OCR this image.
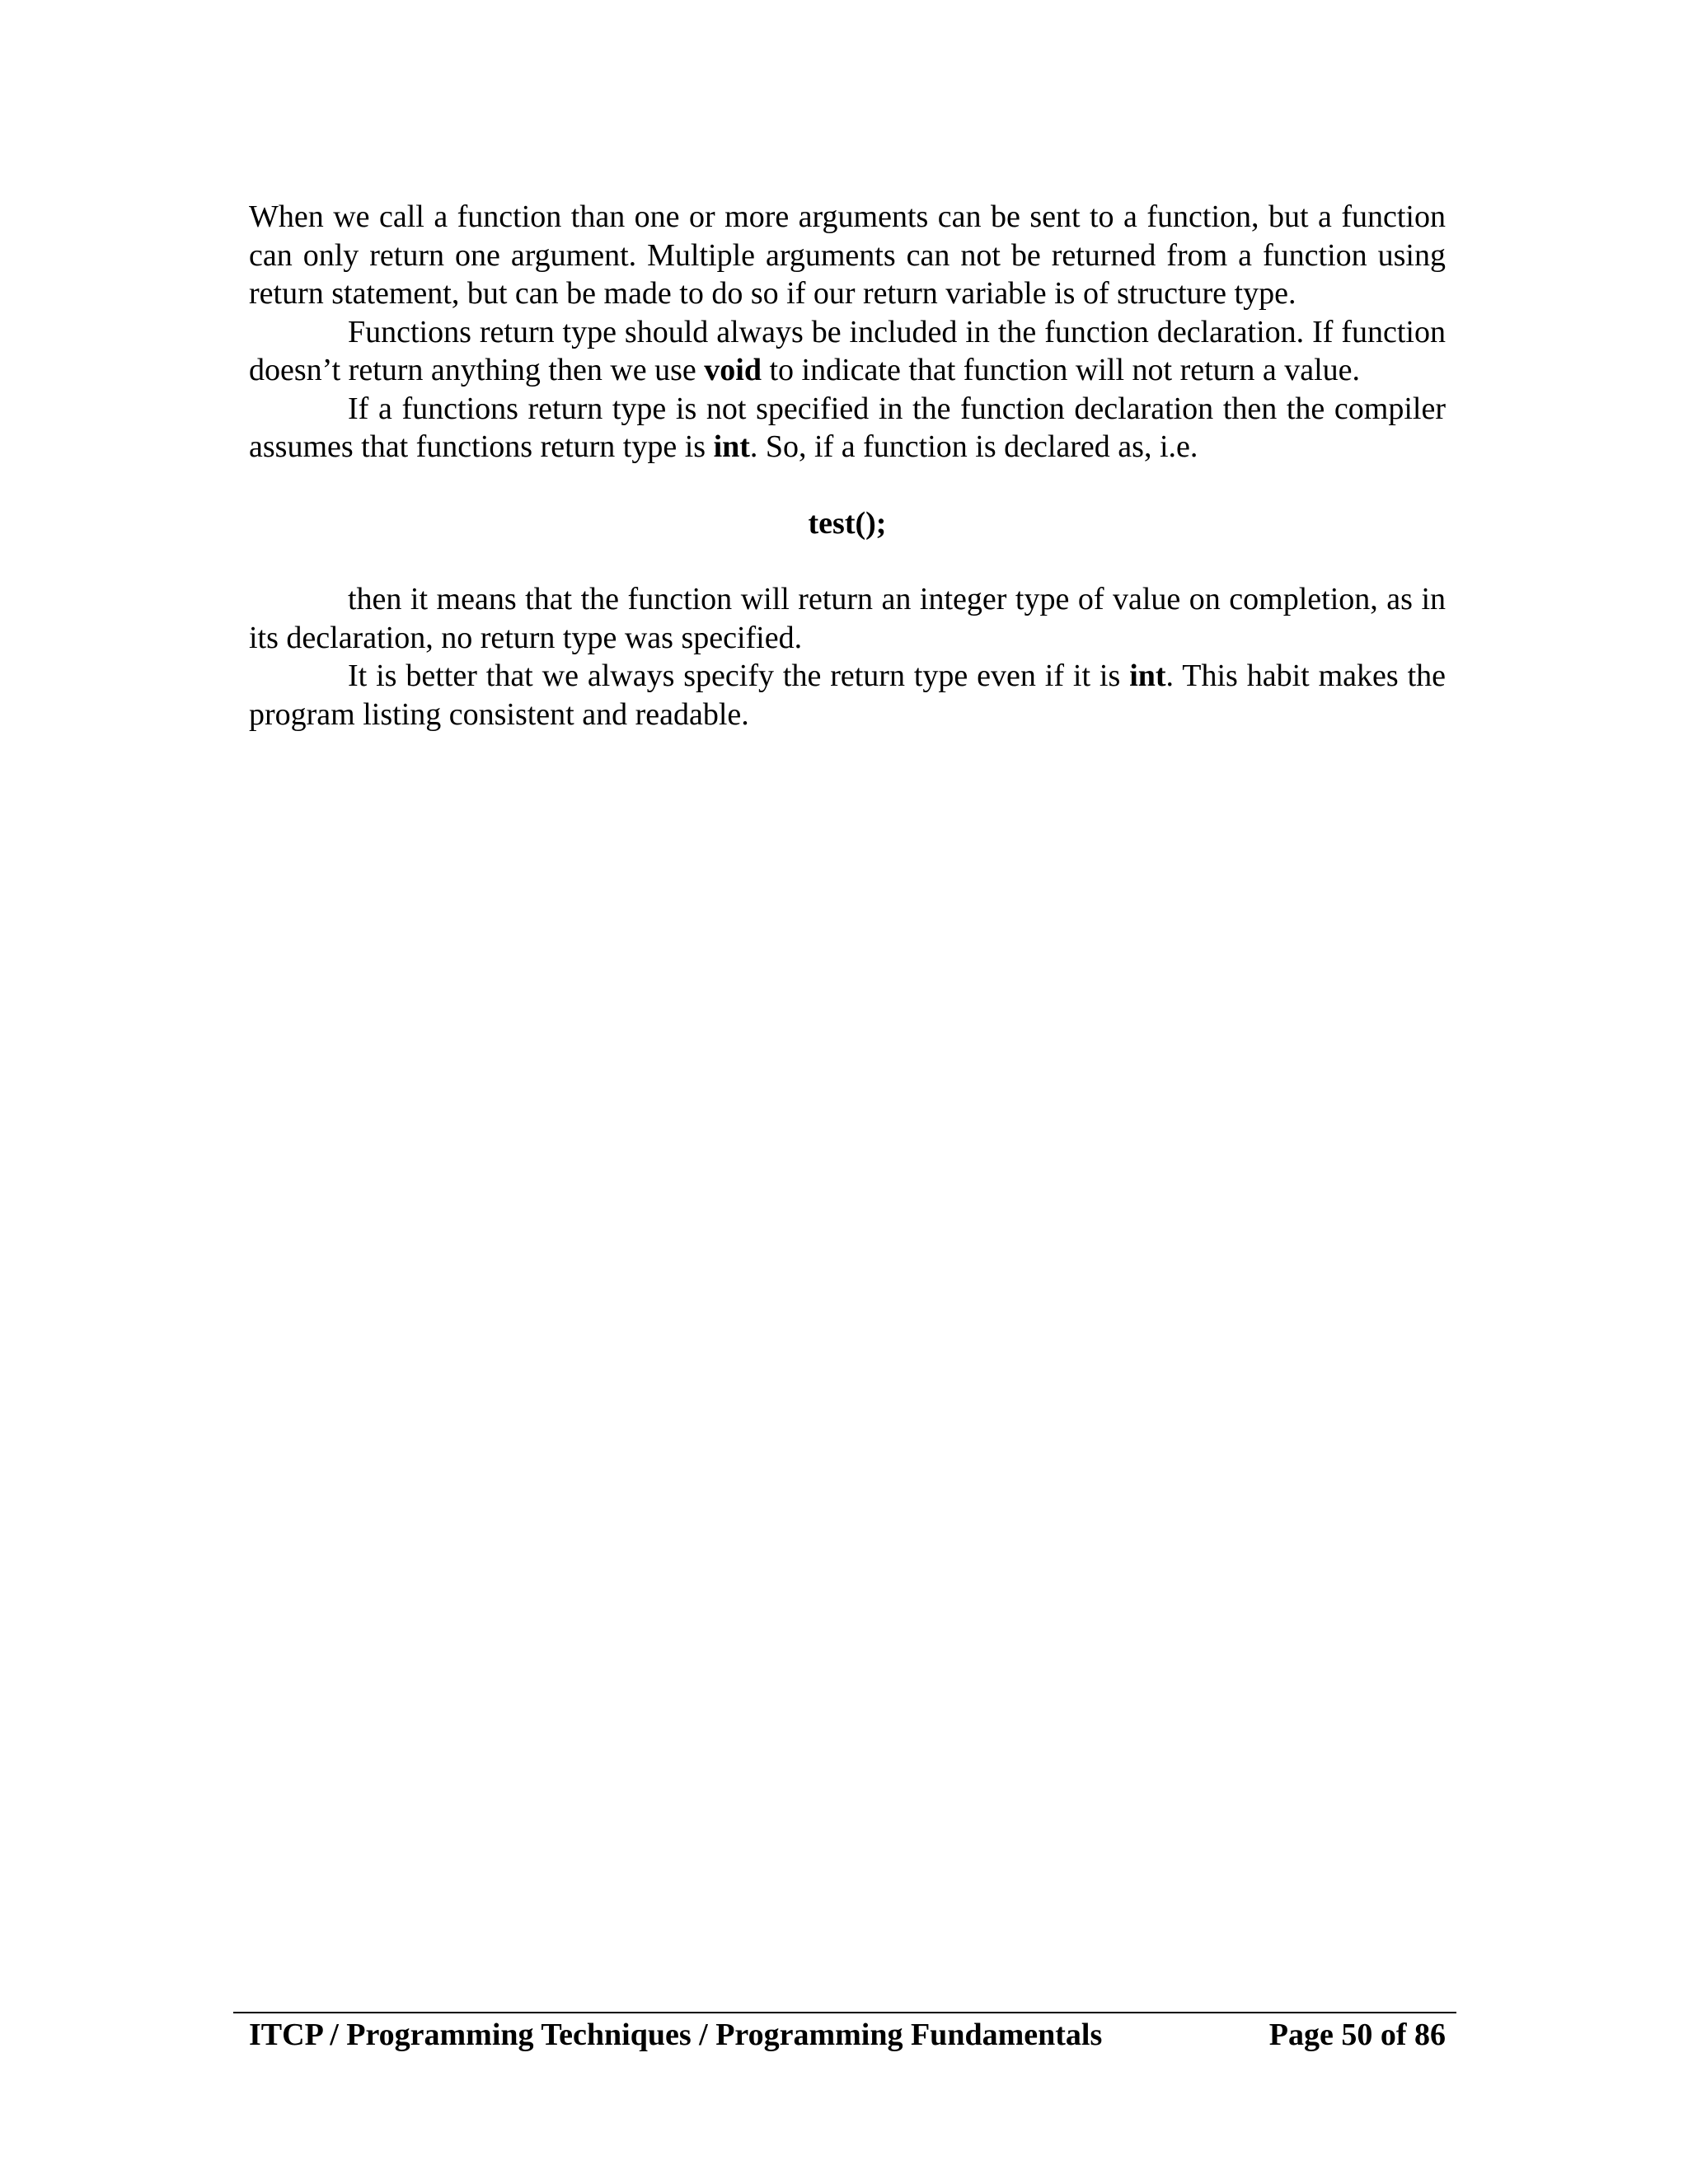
When we call a function than one or more arguments can be sent to a function, but a function can only return one argument. Multiple arguments can not be returned from a function using return statement, but can be made to do so if our return variable is of structure type.

Functions return type should always be included in the function declaration. If function doesn’t return anything then we use void to indicate that function will not return a value.

If a functions return type is not specified in the function declaration then the compiler assumes that functions return type is int. So, if a function is declared as, i.e.

test();

then it means that the function will return an integer type of value on completion, as in its declaration, no return type was specified.

It is better that we always specify the return type even if it is int. This habit makes the program listing consistent and readable.

ITCP / Programming Techniques / Programming Fundamentals	Page 50 of 86
